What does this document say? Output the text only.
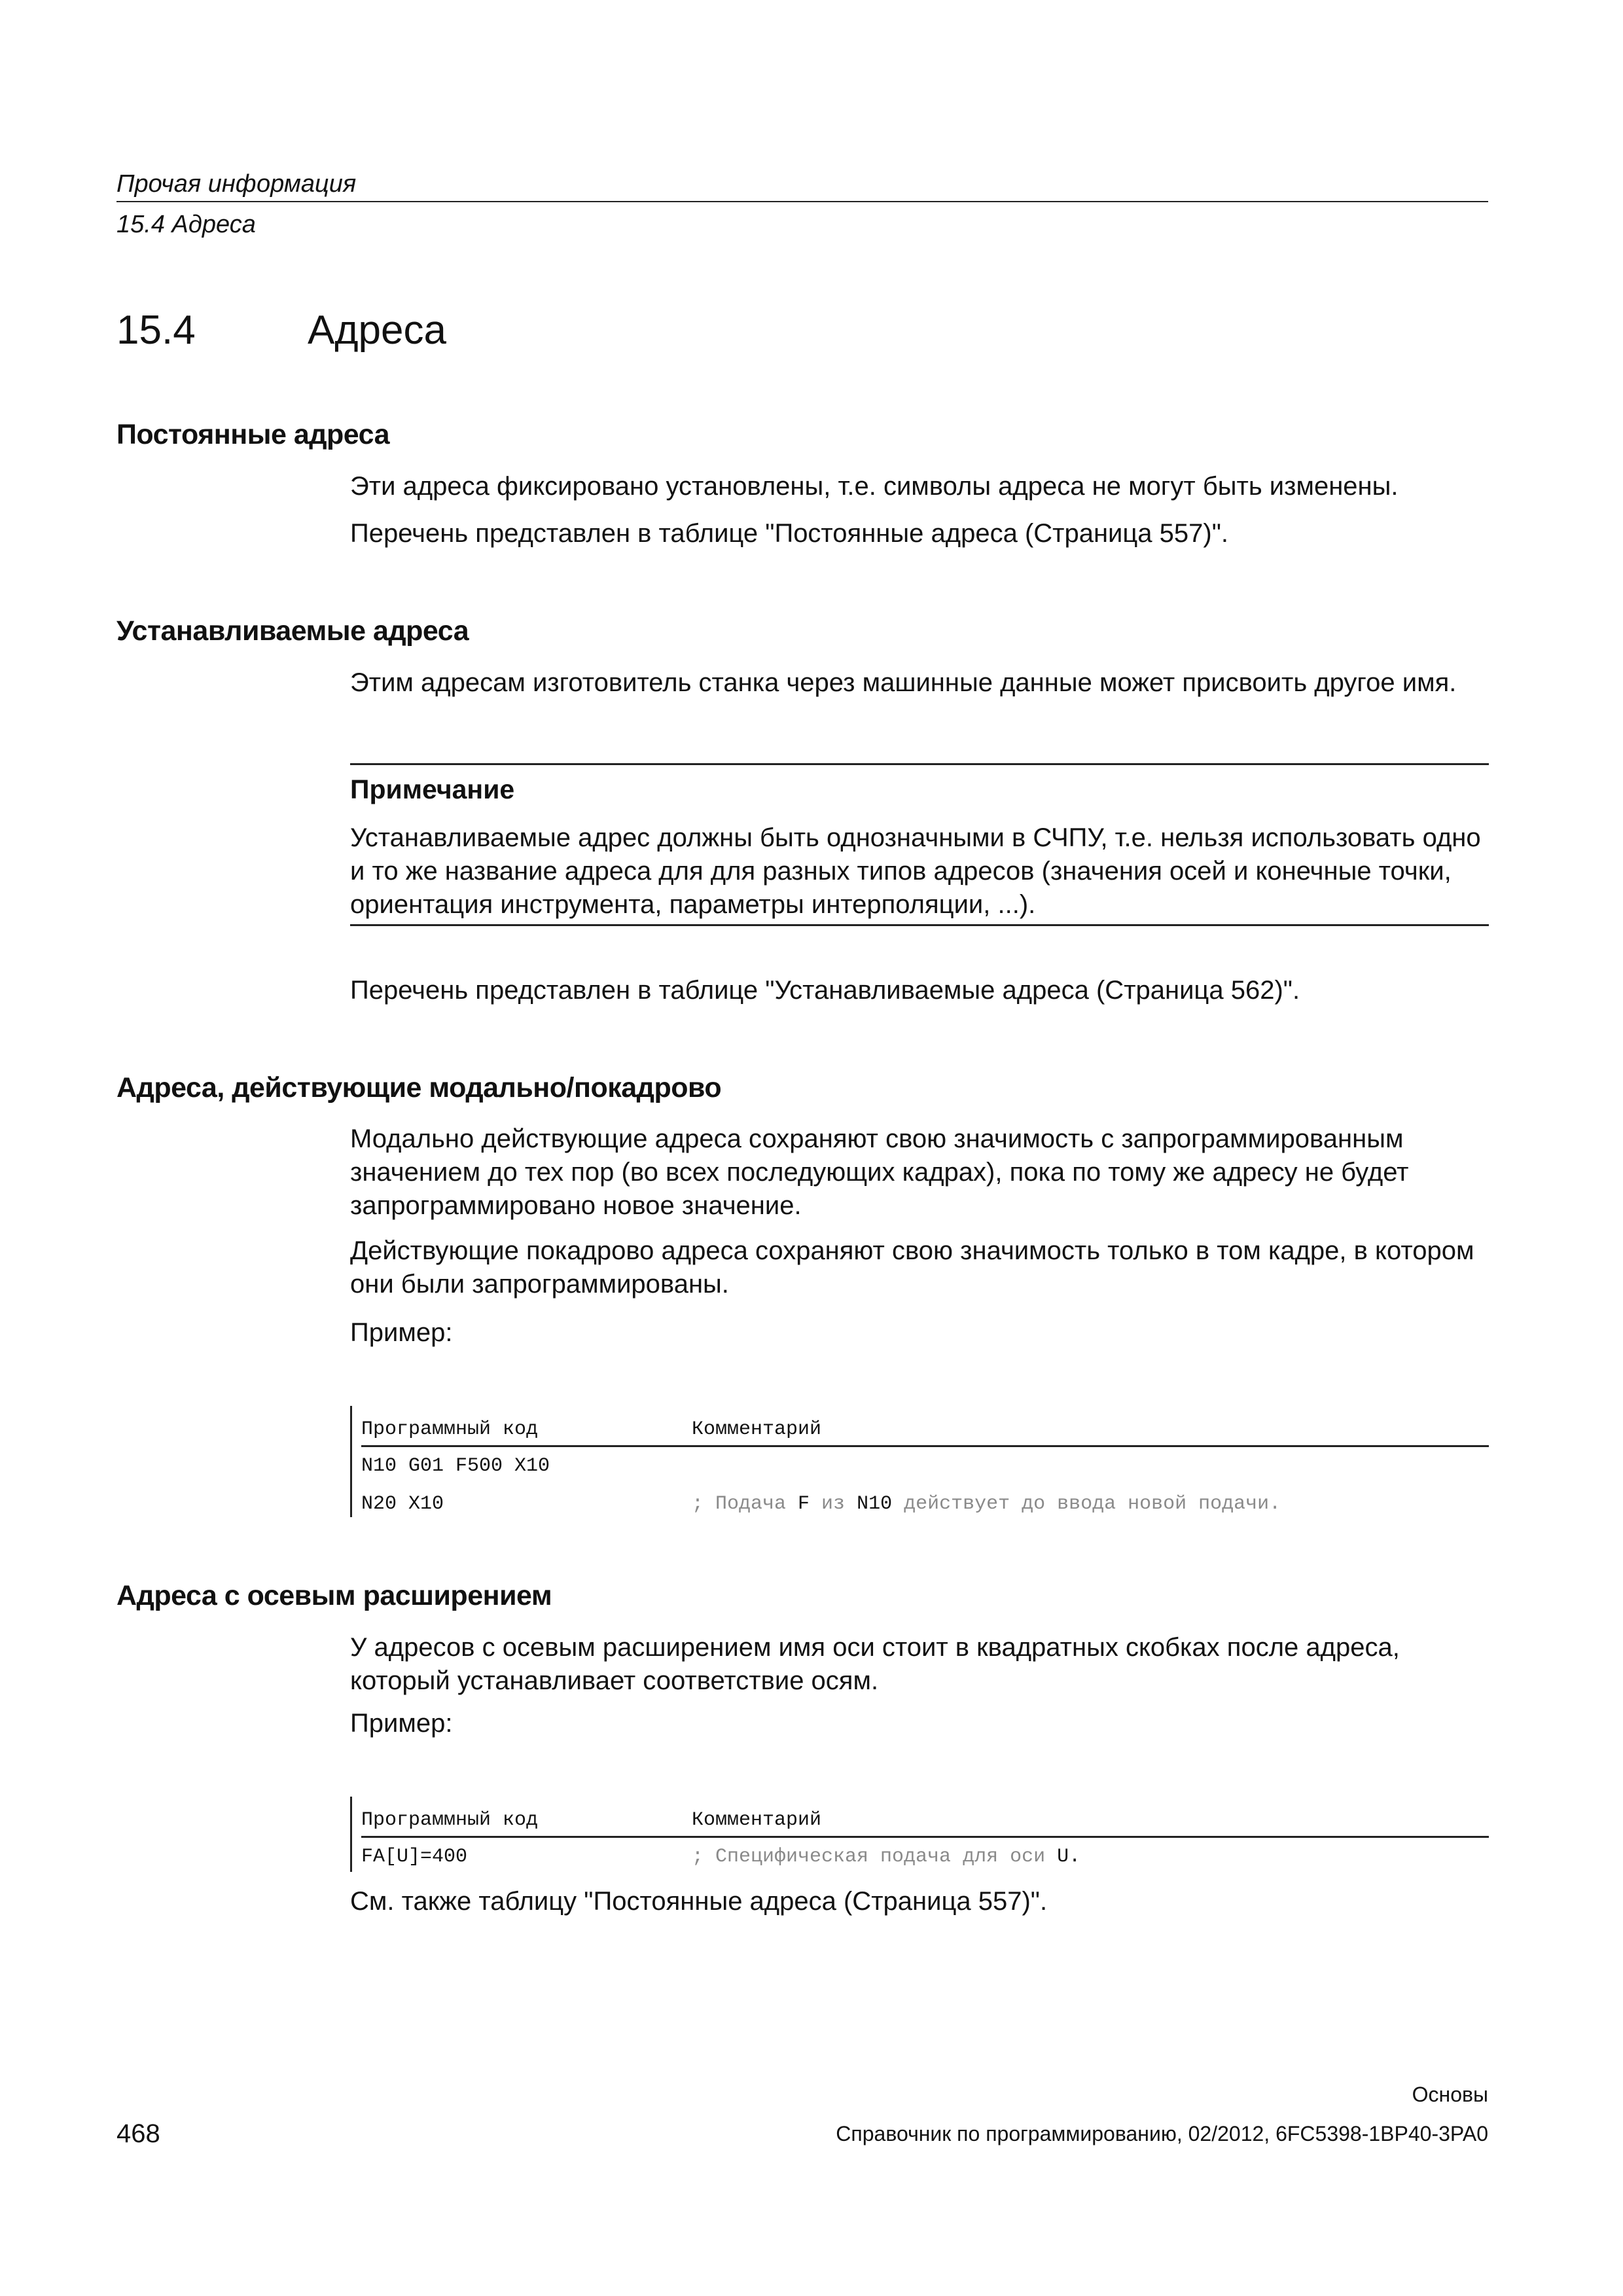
Прочая информация
15.4 Адреса
15.4	Адреса
Постоянные адреса
Эти адреса фиксировано установлены, т.е. символы адреса не могут быть изменены.
Перечень представлен в таблице "Постоянные адреса (Страница 557)".
Устанавливаемые адреса
Этим адресам изготовитель станка через машинные данные может присвоить другое имя.
Примечание
Устанавливаемые адрес должны быть однозначными в СЧПУ, т.е. нельзя использовать одно и то же название адреса для для разных типов адресов (значения осей и конечные точки, ориентация инструмента, параметры интерполяции, ...).
Перечень представлен в таблице "Устанавливаемые адреса (Страница 562)".
Адреса, действующие модально/покадрово
Модально действующие адреса сохраняют свою значимость с запрограммированным значением до тех пор (во всех последующих кадрах), пока по тому же адресу не будет запрограммировано новое значение.
Действующие покадрово адреса сохраняют свою значимость только в том кадре, в котором они были запрограммированы.
Пример:
Программный код	Комментарий
N10 G01 F500 X10
N20 X10	; Подача F из N10 действует до ввода новой подачи.
Адреса с осевым расширением
У адресов с осевым расширением имя оси стоит в квадратных скобках после адреса, который устанавливает соответствие осям.
Пример:
Программный код	Комментарий
FA[U]=400	; Специфическая подача для оси U.
См. также таблицу "Постоянные адреса (Страница 557)".
Основы
468	Справочник по программированию, 02/2012, 6FC5398-1BP40-3PA0
